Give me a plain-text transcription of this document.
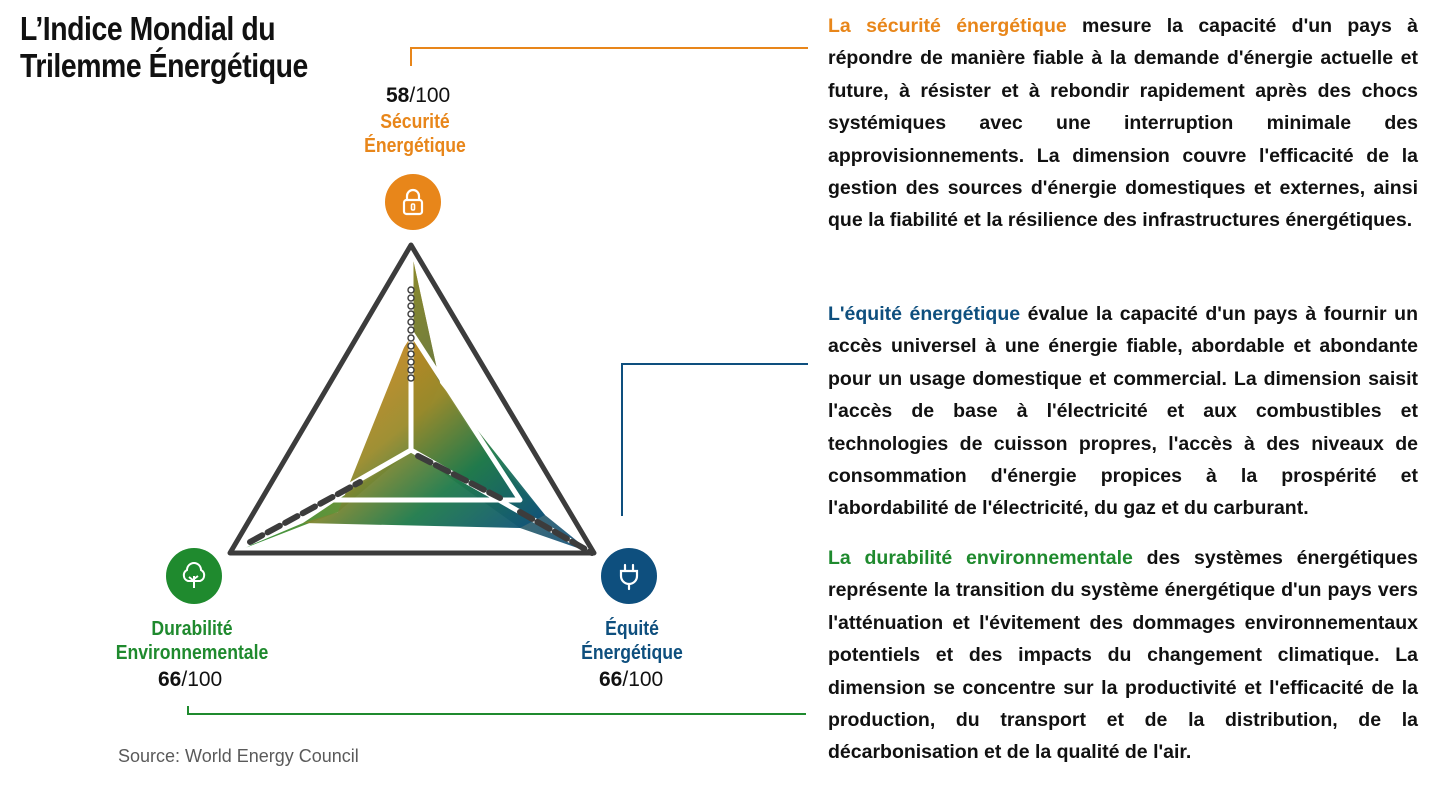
L’Indice Mondial du
Trilemme Énergétique
58/100
Sécurité
Énergétique
Durabilité
Environnementale
66/100
Équité
Énergétique
66/100
Source: World Energy Council
La sécurité énergétique mesure la capacité d'un pays à répondre de manière fiable à la demande d'énergie actuelle et future, à résister et à rebondir rapidement après des chocs systémiques avec une interruption minimale des approvisionnements. La dimension couvre l'efficacité de la gestion des sources d'énergie domestiques et externes, ainsi que la fiabilité et la résilience des infrastructures énergétiques.
L'équité énergétique évalue la capacité d'un pays à fournir un accès universel à une énergie fiable, abordable et abondante pour un usage domestique et commercial. La dimension saisit l'accès de base à l'électricité et aux combustibles et technologies de cuisson propres, l'accès à des niveaux de consommation d'énergie propices à la prospérité et l'abordabilité de l'électricité, du gaz et du carburant.
La durabilité environnementale des systèmes énergétiques représente la transition du système énergétique d'un pays vers l'atténuation et l'évitement des dommages environnementaux potentiels et des impacts du changement climatique. La dimension se concentre sur la productivité et l'efficacité de la production, du transport et de la distribution, de la décarbonisation et de la qualité de l'air.
